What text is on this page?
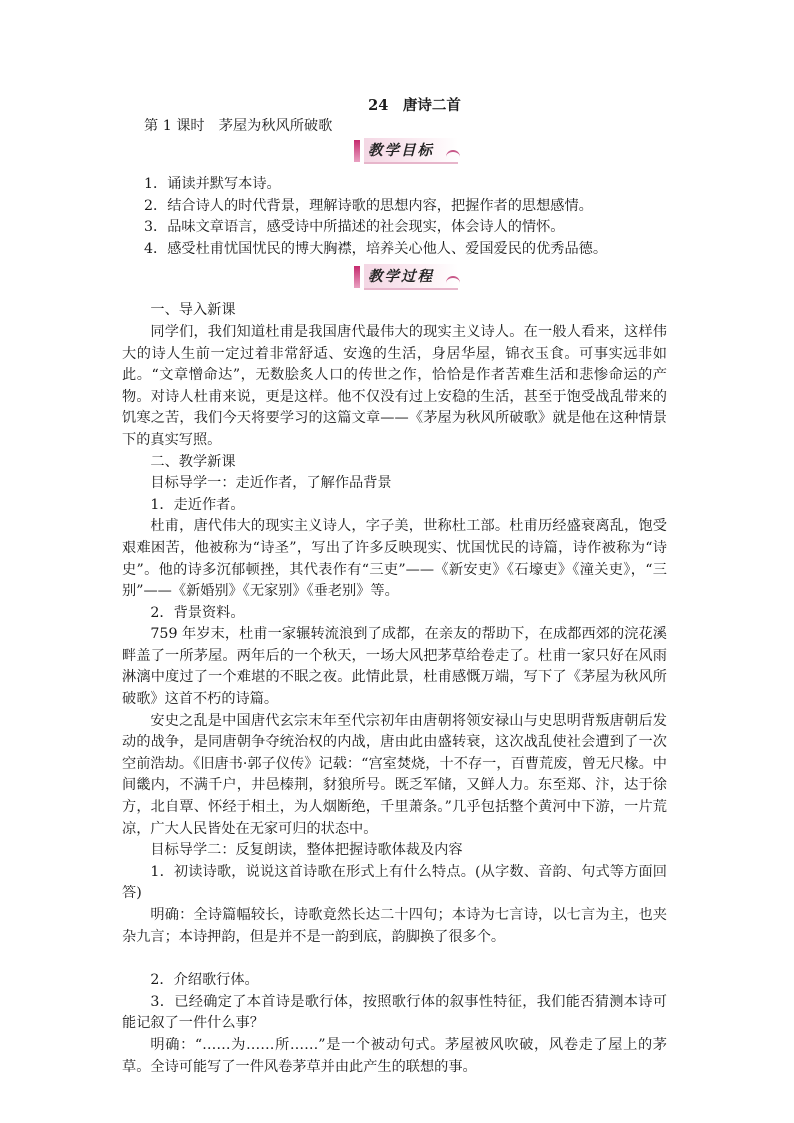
24　唐诗二首
第 1 课时　茅屋为秋风所破歌
教学目标
1．诵读并默写本诗。
2．结合诗人的时代背景，理解诗歌的思想内容，把握作者的思想感情。
3．品味文章语言，感受诗中所描述的社会现实，体会诗人的情怀。
4．感受杜甫忧国忧民的博大胸襟，培养关心他人、爱国爱民的优秀品德。
教学过程

一、导入新课

同学们，我们知道杜甫是我国唐代最伟大的现实主义诗人。在一般人看来，这样伟大的诗人生前一定过着非常舒适、安逸的生活，身居华屋，锦衣玉食。可事实远非如此。“文章憎命达”，无数脍炙人口的传世之作，恰恰是作者苦难生活和悲惨命运的产物。对诗人杜甫来说，更是这样。他不仅没有过上安稳的生活，甚至于饱受战乱带来的饥寒之苦，我们今天将要学习的这篇文章——《茅屋为秋风所破歌》就是他在这种情景下的真实写照。

二、教学新课

目标导学一：走近作者，了解作品背景

1．走近作者。

杜甫，唐代伟大的现实主义诗人，字子美，世称杜工部。杜甫历经盛衰离乱，饱受艰难困苦，他被称为“诗圣”，写出了许多反映现实、忧国忧民的诗篇，诗作被称为“诗史”。他的诗多沉郁顿挫，其代表作有“三吏”——《新安吏》《石壕吏》《潼关吏》，“三别”——《新婚别》《无家别》《垂老别》等。

2．背景资料。

759 年岁末，杜甫一家辗转流浪到了成都，在亲友的帮助下，在成都西郊的浣花溪畔盖了一所茅屋。两年后的一个秋天，一场大风把茅草给卷走了。杜甫一家只好在风雨淋漓中度过了一个难堪的不眠之夜。此情此景，杜甫感慨万端，写下了《茅屋为秋风所破歌》这首不朽的诗篇。

安史之乱是中国唐代玄宗末年至代宗初年由唐朝将领安禄山与史思明背叛唐朝后发动的战争，是同唐朝争夺统治权的内战，唐由此由盛转衰，这次战乱使社会遭到了一次空前浩劫。《旧唐书·郭子仪传》记载：“宫室焚烧，十不存一，百曹荒废，曾无尺椽。中间畿内，不满千户，井邑榛荆，豺狼所号。既乏军储，又鲜人力。东至郑、汴，达于徐方，北自覃、怀经于相土，为人烟断绝，千里萧条。”几乎包括整个黄河中下游，一片荒凉，广大人民皆处在无家可归的状态中。

目标导学二：反复朗读，整体把握诗歌体裁及内容

1．初读诗歌，说说这首诗歌在形式上有什么特点。(从字数、音韵、句式等方面回答)

明确：全诗篇幅较长，诗歌竟然长达二十四句；本诗为七言诗，以七言为主，也夹杂九言；本诗押韵，但是并不是一韵到底，韵脚换了很多个。

2．介绍歌行体。

3．已经确定了本首诗是歌行体，按照歌行体的叙事性特征，我们能否猜测本诗可能记叙了一件什么事？

明确：“……为……所……”是一个被动句式。茅屋被风吹破，风卷走了屋上的茅草。全诗可能写了一件风卷茅草并由此产生的联想的事。
